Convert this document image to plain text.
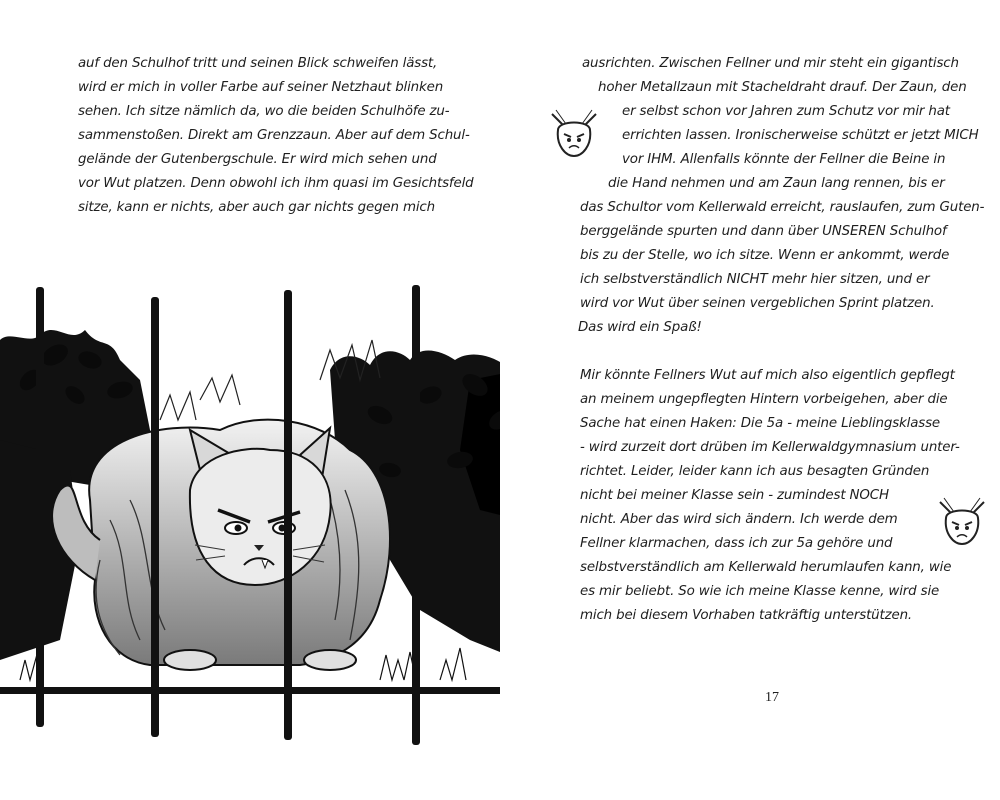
auf den Schulhof tritt und seinen Blick schweifen lässt,

wird er mich in voller Farbe auf seiner Netzhaut blinken

sehen. Ich sitze nämlich da, wo die beiden Schulhöfe zu-

sammenstoßen. Direkt am Grenzzaun. Aber auf dem Schul-

gelände der Gutenbergschule. Er wird mich sehen und

vor Wut platzen. Denn obwohl ich ihm quasi im Gesichtsfeld

sitze, kann er nichts, aber auch gar nichts gegen mich

ausrichten. Zwischen Fellner und mir steht ein gigantisch

hoher Metallzaun mit Stacheldraht drauf. Der Zaun, den

er selbst schon vor Jahren zum Schutz vor mir hat

errichten lassen. Ironischerweise schützt er jetzt MICH

vor IHM. Allenfalls könnte der Fellner die Beine in

die Hand nehmen und am Zaun lang rennen, bis er

das Schultor vom Kellerwald erreicht, rauslaufen, zum Guten-

berggelände spurten und dann über UNSEREN Schulhof

bis zu der Stelle, wo ich sitze. Wenn er ankommt, werde

ich selbstverständlich NICHT mehr hier sitzen, und er

wird vor Wut über seinen vergeblichen Sprint platzen.

Das wird ein Spaß!

Mir könnte Fellners Wut auf mich also eigentlich gepflegt

an meinem ungepflegten Hintern vorbeigehen, aber die

Sache hat einen Haken: Die 5a - meine Lieblingsklasse

- wird zurzeit dort drüben im Kellerwaldgymnasium unter-

richtet. Leider, leider kann ich aus besagten Gründen

nicht bei meiner Klasse sein - zumindest NOCH

nicht. Aber das wird sich ändern. Ich werde dem

Fellner klarmachen, dass ich zur 5a gehöre und

selbstverständlich am Kellerwald herumlaufen kann, wie

es mir beliebt. So wie ich meine Klasse kenne, wird sie

mich bei diesem Vorhaben tatkräftig unterstützen.

17
